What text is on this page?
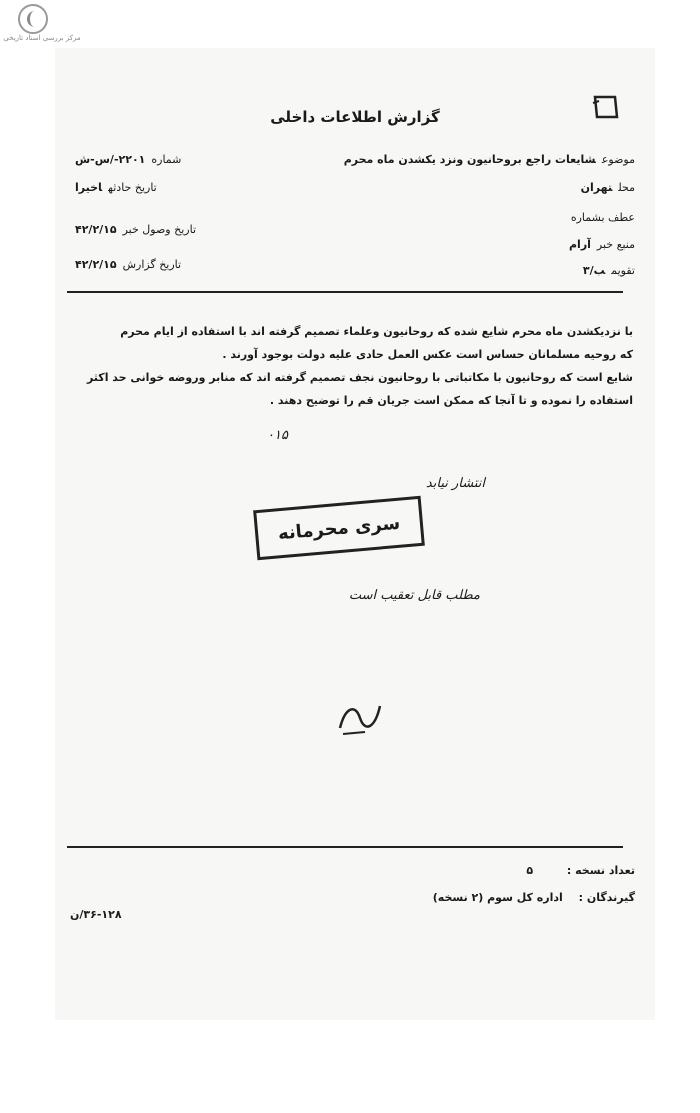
مرکز بررسی اسناد تاریخی
گزارش اطلاعات داخلی
موضوعشایعات راجع بروحانیون ونزد یکشدن ماه محرم
محلتهران
عطف بشماره
منبع خبرآرام
تقویمب/۳
شماره۲۲۰۱-/س-ش
تاریخ حادثهاخیرا
تاریخ وصول خبر۴۲/۲/۱۵
تاریخ گزارش۴۲/۲/۱۵

با نزدیکشدن ماه محرم شایع شده که روحانیون وعلماء تصمیم گرفته اند با استفاده از ایام محرم

که روحیه مسلمانان حساس است عکس العمل حادی علیه دولت بوجود آورند .

شایع است که روحانیون با مکاتباتی با روحانیون نجف تصمیم گرفته اند که منابر وروضه خوانی حد اکثر

استفاده را نموده و تا آنجا که ممکن است جریان قم را توضیح دهند .

۰۱۵
انتشار نیابد
سری محرمانه
مطلب قابل تعقیب است
تعداد نسخه : ۵
گیرندگان : اداره کل سوم (۲ نسخه)
۳۶-۱۲۸/ن
